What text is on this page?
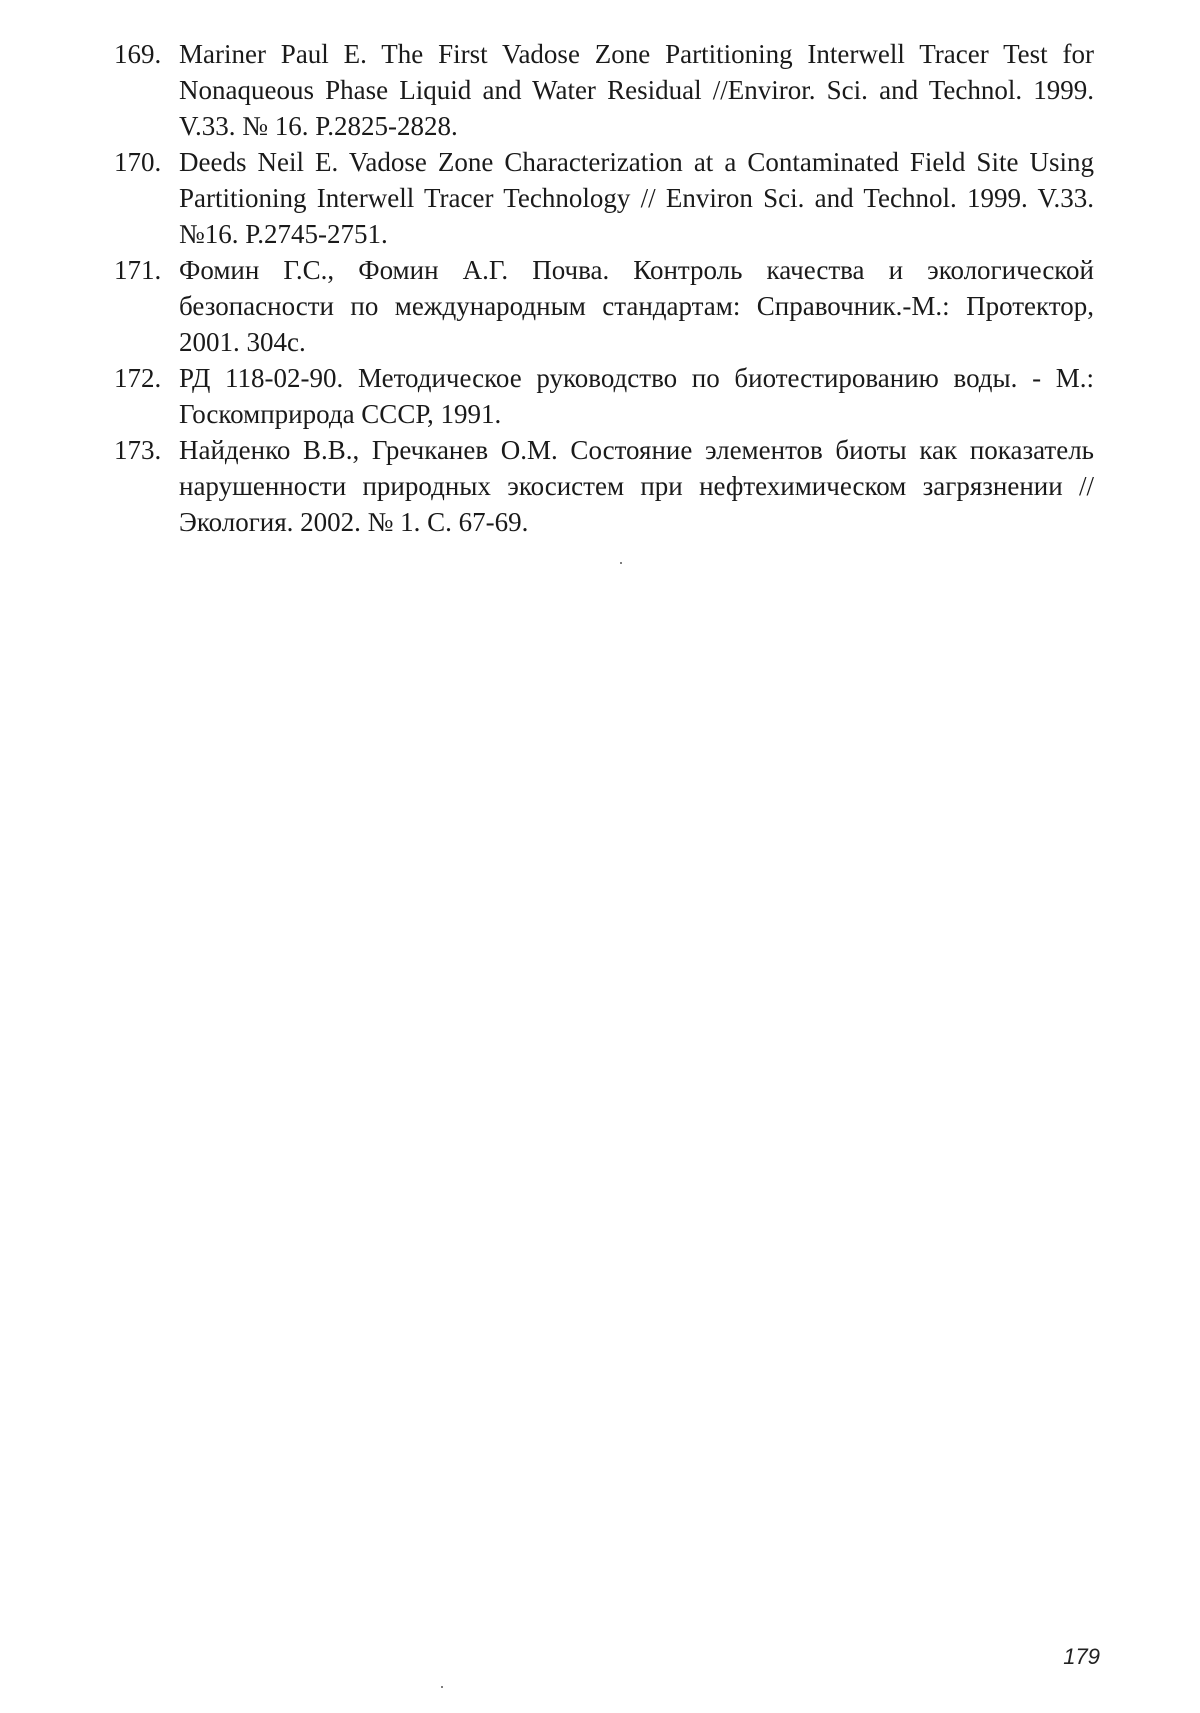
169. Mariner Paul E. The First Vadose Zone Partitioning Interwell Tracer Test for Nonaqueous Phase Liquid and Water Residual //Enviror. Sci. and Technol. 1999. V.33. № 16. P.2825-2828.
170. Deeds Neil E. Vadose Zone Characterization at a Contaminated Field Site Using Partitioning Interwell Tracer Technology // Environ Sci. and Technol. 1999. V.33. №16. P.2745-2751.
171. Фомин Г.С., Фомин А.Г. Почва. Контроль качества и экологической безопасности по международным стандартам: Справочник.-М.: Протектор, 2001. 304с.
172. РД 118-02-90. Методическое руководство по биотестированию воды. - М.: Госкомприрода СССР, 1991.
173. Найденко В.В., Гречканев О.М. Состояние элементов биоты как показатель нарушенности природных экосистем при нефтехимическом загрязнении // Экология. 2002. № 1. С. 67-69.
179
